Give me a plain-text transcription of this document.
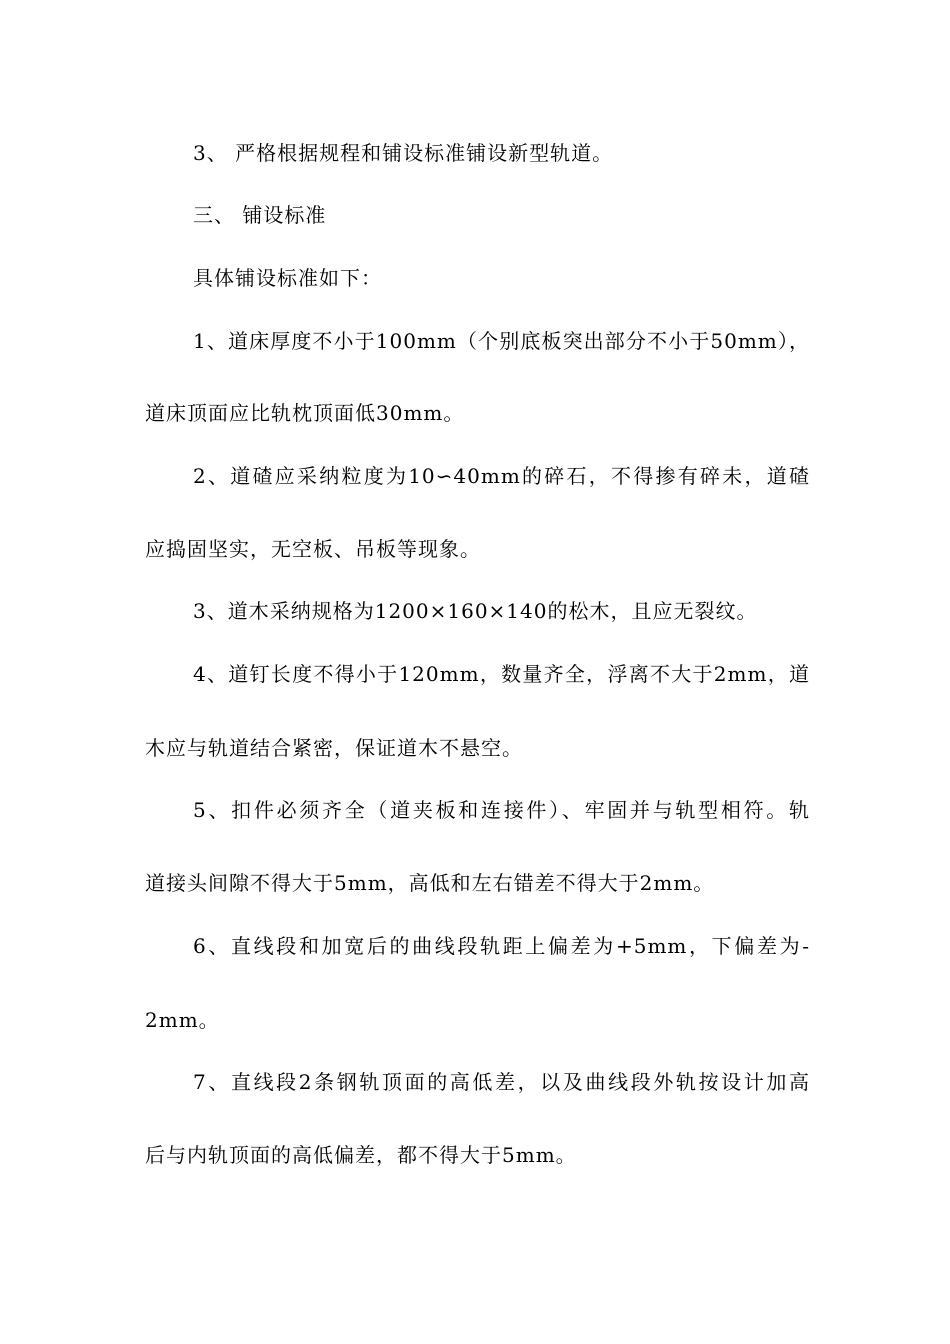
3、 严格根据规程和铺设标准铺设新型轨道。
三、 铺设标准
具体铺设标准如下：
1、道床厚度不小于100mm（个别底板突出部分不小于50mm），
道床顶面应比轨枕顶面低30mm。
2、道碴应采纳粒度为10∽40mm的碎石，不得掺有碎未，道碴
应捣固坚实，无空板、吊板等现象。
3、道木采纳规格为1200×160×140的松木，且应无裂纹。
4、道钉长度不得小于120mm，数量齐全，浮离不大于2mm，道
木应与轨道结合紧密，保证道木不悬空。
5、扣件必须齐全（道夹板和连接件）、牢固并与轨型相符。轨
道接头间隙不得大于5mm，高低和左右错差不得大于2mm。
6、直线段和加宽后的曲线段轨距上偏差为+5mm，下偏差为-
2mm。
7、直线段2条钢轨顶面的高低差，以及曲线段外轨按设计加高
后与内轨顶面的高低偏差，都不得大于5mm。
